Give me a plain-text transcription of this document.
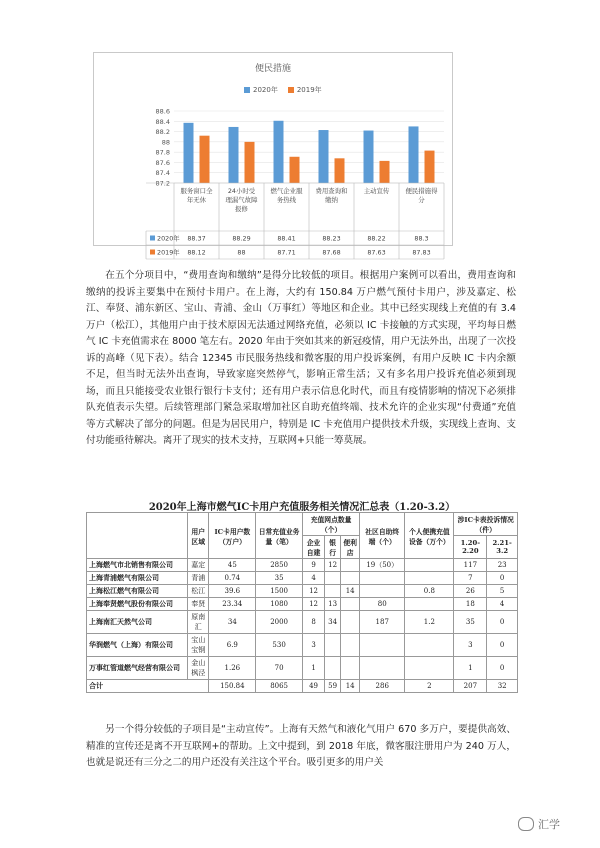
便民措施
2020年	2019年
88.6
88.4
88.2
88
87.8
87.6
87.4
87.2
服务窗口全年无休
24小时受理漏气故障报修
燃气企业服务热线
费用查询和缴纳
主动宣传	便民措施得分
2020年 88.37	88.29	88.41	88.23	88.22	88.3
2019年 88.12	88	87.71	87.68	87.63	87.83
在五个分项目中，“费用查询和缴纳”是得分比较低的项目。根据用户案例可以看出，费用查询和缴纳的投诉主要集中在预付卡用户。在上海，大约有 150.84 万户燃气预付卡用户，涉及嘉定、松江、奉贤、浦东新区、宝山、青浦、金山（万事红）等地区和企业。其中已经实现线上充值的有 3.4 万户（松江），其他用户由于技术原因无法通过网络充值，必须以 IC 卡接触的方式实现，平均每日燃气 IC 卡充值需求在 8000 笔左右。2020 年由于突如其来的新冠疫情，用户无法外出，出现了一次投诉的高峰（见下表）。结合 12345 市民服务热线和微客服的用户投诉案例，有用户反映 IC 卡内余额不足，但当时无法外出查询，导致家庭突然停气，影响正常生活；又有多名用户投诉充值必须到现场，而且只能接受农业银行银行卡支付；还有用户表示信息化时代，而且有疫情影响的情况下必须排队充值表示失望。后续管理部门紧急采取增加社区自助充值终端、技术允许的企业实现“付费通”充值等方式解决了部分的问题。但是为居民用户，特别是 IC 卡充值用户提供技术升级，实现线上查询、支付功能亟待解决。离开了现实的技术支持，互联网+只能一筹莫展。
2020年上海市燃气IC卡用户充值服务相关情况汇总表（1.20-3.2）
	用户区域	IC卡用户数（万户）	日常充值业务量（笔）	充值网点数量（个）			社区自助终端（个）	个人便携充值设备（万个）	涉IC卡表投诉情况（件）	
				企业自建	银行	便利店			1.20-2.20	2.21-3.2
上海燃气市北销售有限公司	嘉定	45	2850	9	12		19（50）		117	23
上海青浦燃气有限公司	青浦	0.74	35	4					7	0
上海松江燃气有限公司	松江	39.6	1500	12		14		0.8	26	5
上海奉贤燃气股份有限公司	奉贤	23.34	1080	12	13		80		18	4
上海南汇天然气公司	原南汇	34	2000	8	34		187	1.2	35	0
华润燃气（上海）有限公司	宝山宝钢	6.9	530	3					3	0
万事红管道燃气经营有限公司	金山枫泾	1.26	70	1					1	0
合计		150.84	8065	49	59	14	286	2	207	32
另一个得分较低的子项目是“主动宣传”。上海有天然气和液化气用户 670 多万户，要提供高效、精准的宣传还是离不开互联网+的帮助。上文中提到，到 2018 年底，微客服注册用户为 240 万人，也就是说还有三分之二的用户还没有关注这个平台。吸引更多的用户关
汇学
